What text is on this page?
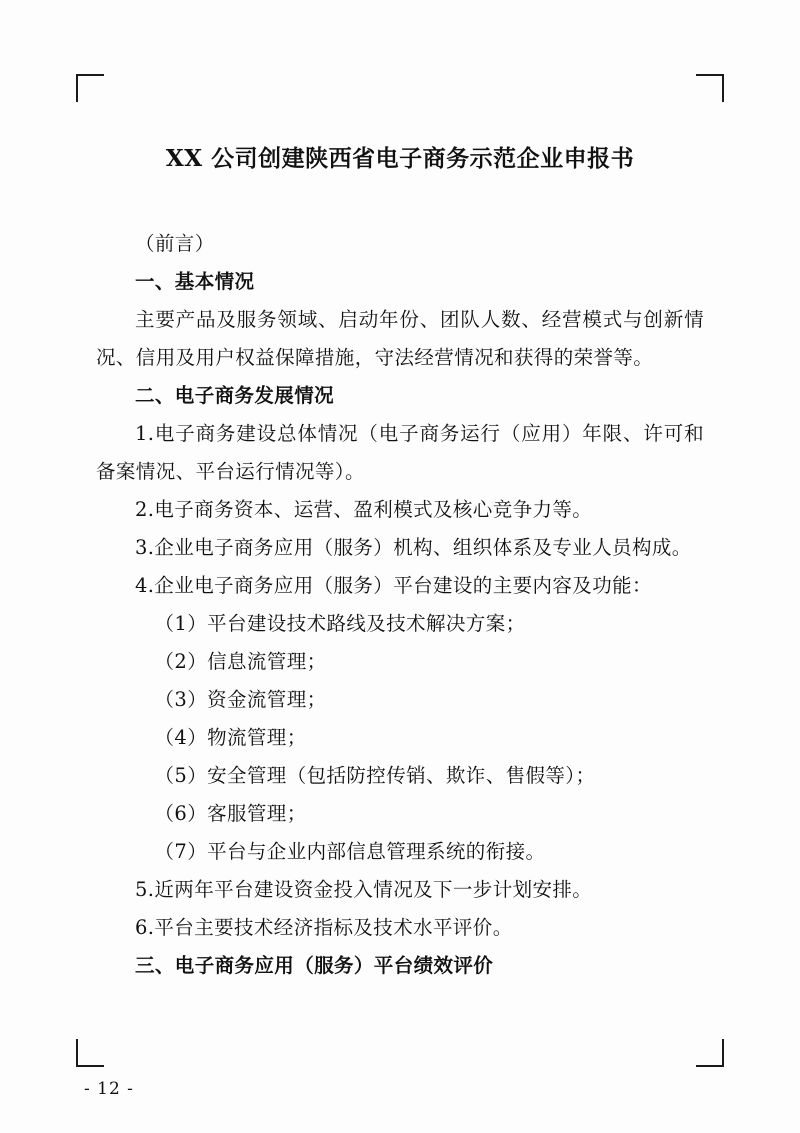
XX 公司创建陕西省电子商务示范企业申报书

（前言）

一、基本情况

主要产品及服务领域、启动年份、团队人数、经营模式与创新情况、信用及用户权益保障措施，守法经营情况和获得的荣誉等。

二、电子商务发展情况

1.电子商务建设总体情况（电子商务运行（应用）年限、许可和备案情况、平台运行情况等）。

2.电子商务资本、运营、盈利模式及核心竞争力等。

3.企业电子商务应用（服务）机构、组织体系及专业人员构成。

4.企业电子商务应用（服务）平台建设的主要内容及功能：

（1）平台建设技术路线及技术解决方案；

（2）信息流管理；

（3）资金流管理；

（4）物流管理；

（5）安全管理（包括防控传销、欺诈、售假等）；

（6）客服管理；

（7）平台与企业内部信息管理系统的衔接。

5.近两年平台建设资金投入情况及下一步计划安排。

6.平台主要技术经济指标及技术水平评价。

三、电子商务应用（服务）平台绩效评价

- 12 -
